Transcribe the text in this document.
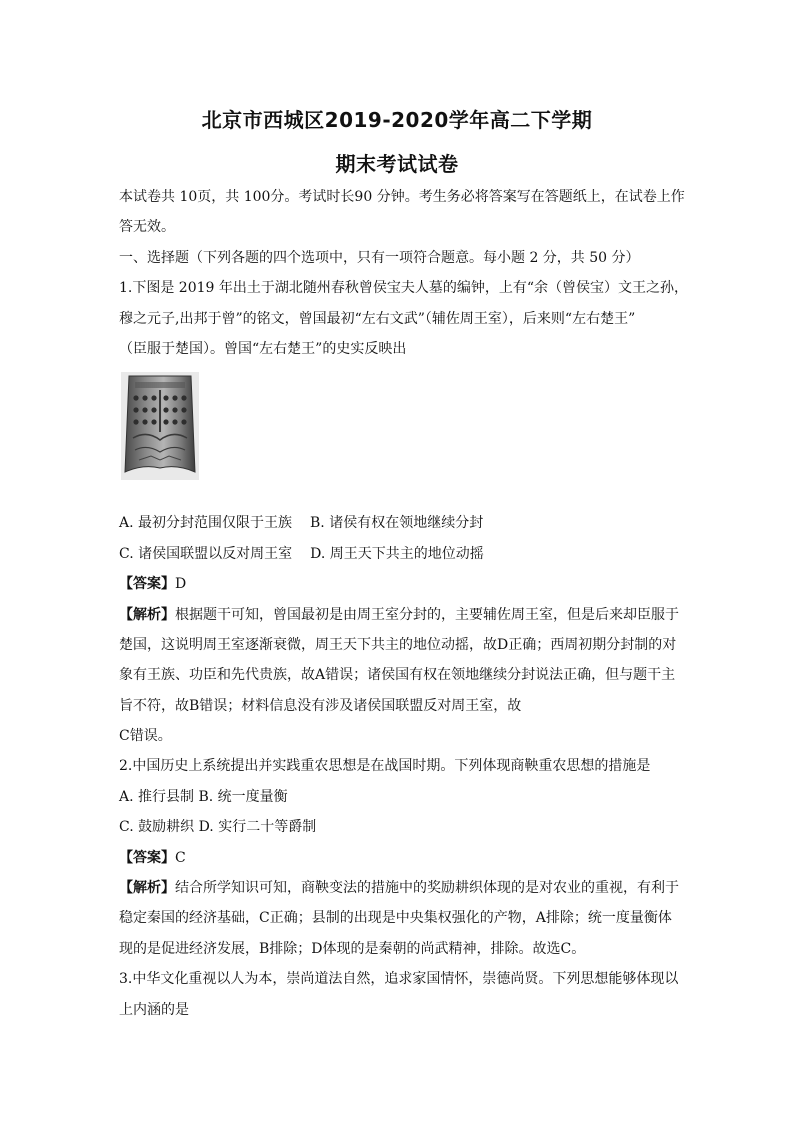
北京市西城区2019-2020学年高二下学期
期末考试试卷
本试卷共 10页，共 100分。考试时长90 分钟。考生务必将答案写在答题纸上，在试卷上作
答无效。
一、选择题（下列各题的四个选项中，只有一项符合题意。每小题 2 分，共 50 分）
1.下图是 2019 年出土于湖北随州春秋曾侯宝夫人墓的编钟，上有“余（曾侯宝）文王之孙，
穆之元子,出邦于曾”的铭文，曾国最初“左右文武”（辅佐周王室），后来则“左右楚王”
（臣服于楚国）。曾国“左右楚王”的史实反映出
A. 最初分封范围仅限于王族 B. 诸侯有权在领地继续分封
C. 诸侯国联盟以反对周王室 D. 周王天下共主的地位动摇
【答案】D
【解析】根据题干可知，曾国最初是由周王室分封的，主要辅佐周王室，但是后来却臣服于
楚国，这说明周王室逐渐衰微，周王天下共主的地位动摇，故D正确；西周初期分封制的对
象有王族、功臣和先代贵族，故A错误；诸侯国有权在领地继续分封说法正确，但与题干主
旨不符，故B错误；材料信息没有涉及诸侯国联盟反对周王室，故
C错误。
2.中国历史上系统提出并实践重农思想是在战国时期。下列体现商鞅重农思想的措施是
A. 推行县制 B. 统一度量衡
C. 鼓励耕织 D. 实行二十等爵制
【答案】C
【解析】结合所学知识可知，商鞅变法的措施中的奖励耕织体现的是对农业的重视，有利于
稳定秦国的经济基础，C正确；县制的出现是中央集权强化的产物，A排除；统一度量衡体
现的是促进经济发展，B排除；D体现的是秦朝的尚武精神，排除。故选C。
3.中华文化重视以人为本，崇尚道法自然，追求家国情怀，崇德尚贤。下列思想能够体现以
上内涵的是
